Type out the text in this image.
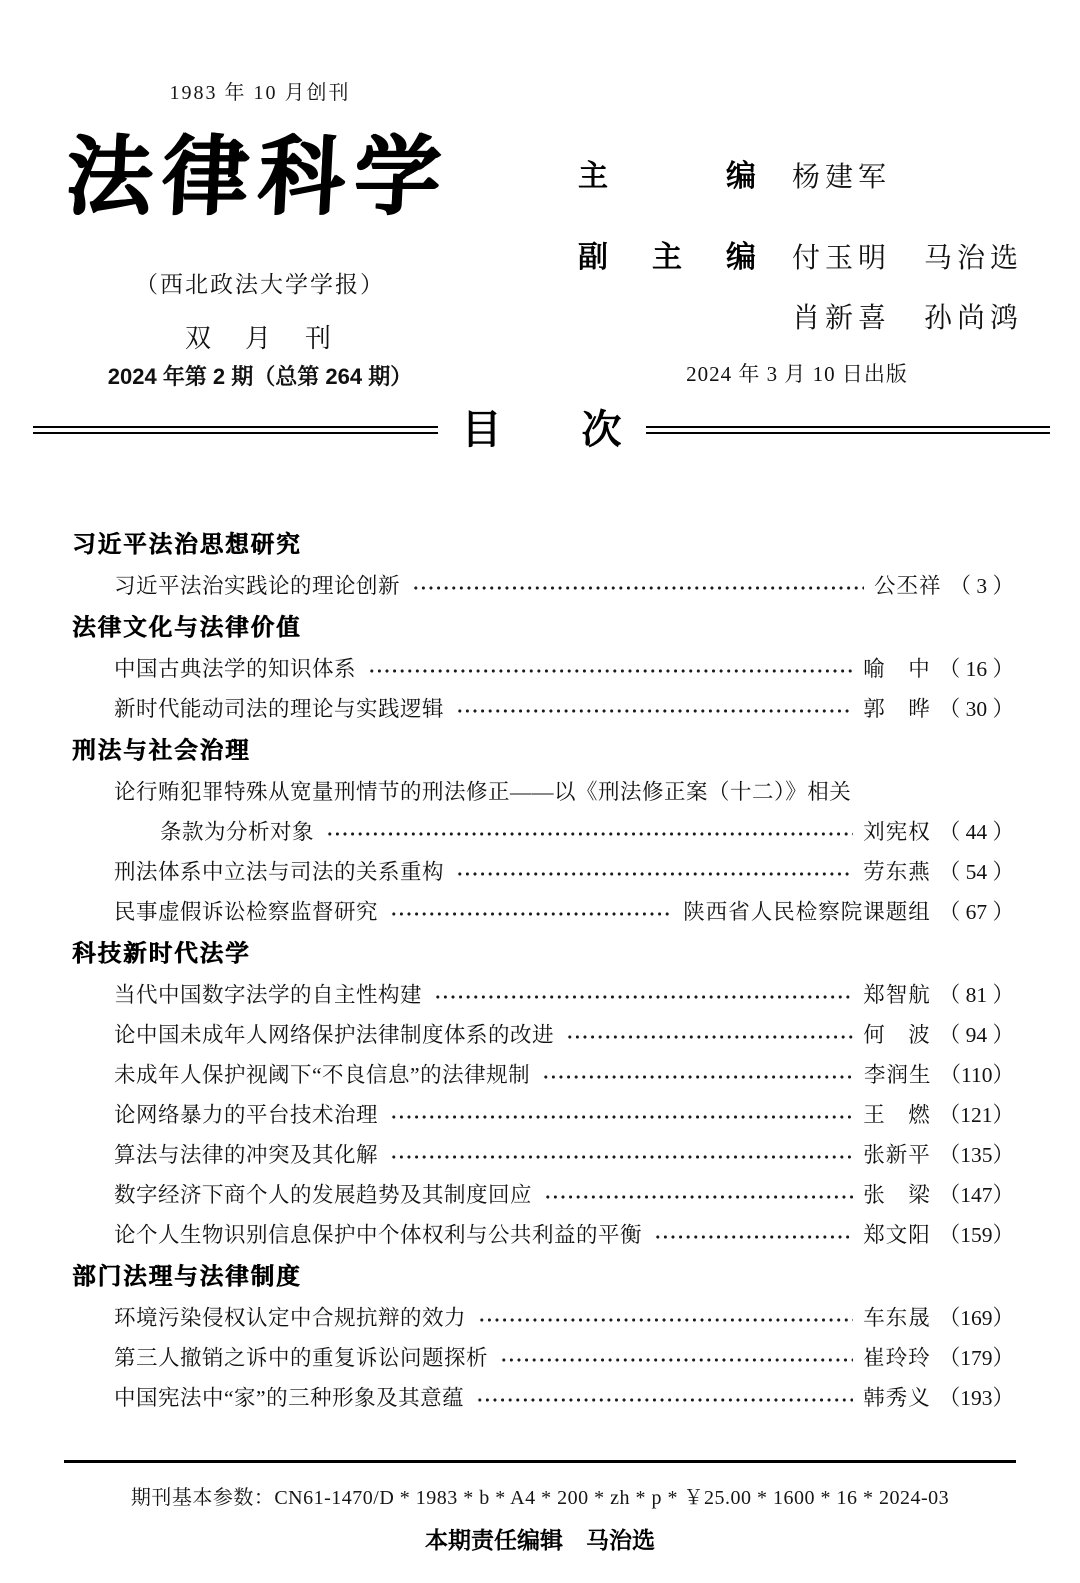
1983 年 10 月创刊
法律科学
（西北政法大学学报）
双　月　刊
2024 年第 2 期（总第 264 期）
主编 杨建军
副主编 付玉明　马治选
肖新喜　孙尚鸿
2024 年 3 月 10 日出版
目　　次
习近平法治思想研究
习近平法治实践论的理论创新	公丕祥 （ 3 ）
法律文化与法律价值
中国古典法学的知识体系	喻　中 （ 16 ）
新时代能动司法的理论与实践逻辑	郭　晔 （ 30 ）
刑法与社会治理
论行贿犯罪特殊从宽量刑情节的刑法修正——以《刑法修正案（十二）》相关
条款为分析对象	刘宪权 （ 44 ）
刑法体系中立法与司法的关系重构	劳东燕 （ 54 ）
民事虚假诉讼检察监督研究	陕西省人民检察院课题组 （ 67 ）
科技新时代法学
当代中国数字法学的自主性构建	郑智航 （ 81 ）
论中国未成年人网络保护法律制度体系的改进	何　波 （ 94 ）
未成年人保护视阈下“不良信息”的法律规制	李润生 （110）
论网络暴力的平台技术治理	王　燃 （121）
算法与法律的冲突及其化解	张新平 （135）
数字经济下商个人的发展趋势及其制度回应	张　梁 （147）
论个人生物识别信息保护中个体权利与公共利益的平衡	郑文阳 （159）
部门法理与法律制度
环境污染侵权认定中合规抗辩的效力	车东晟 （169）
第三人撤销之诉中的重复诉讼问题探析	崔玲玲 （179）
中国宪法中“家”的三种形象及其意蕴	韩秀义 （193）
期刊基本参数：CN61-1470/D * 1983 * b * A4 * 200 * zh * p * ￥25.00 * 1600 * 16 * 2024-03
本期责任编辑　马治选
